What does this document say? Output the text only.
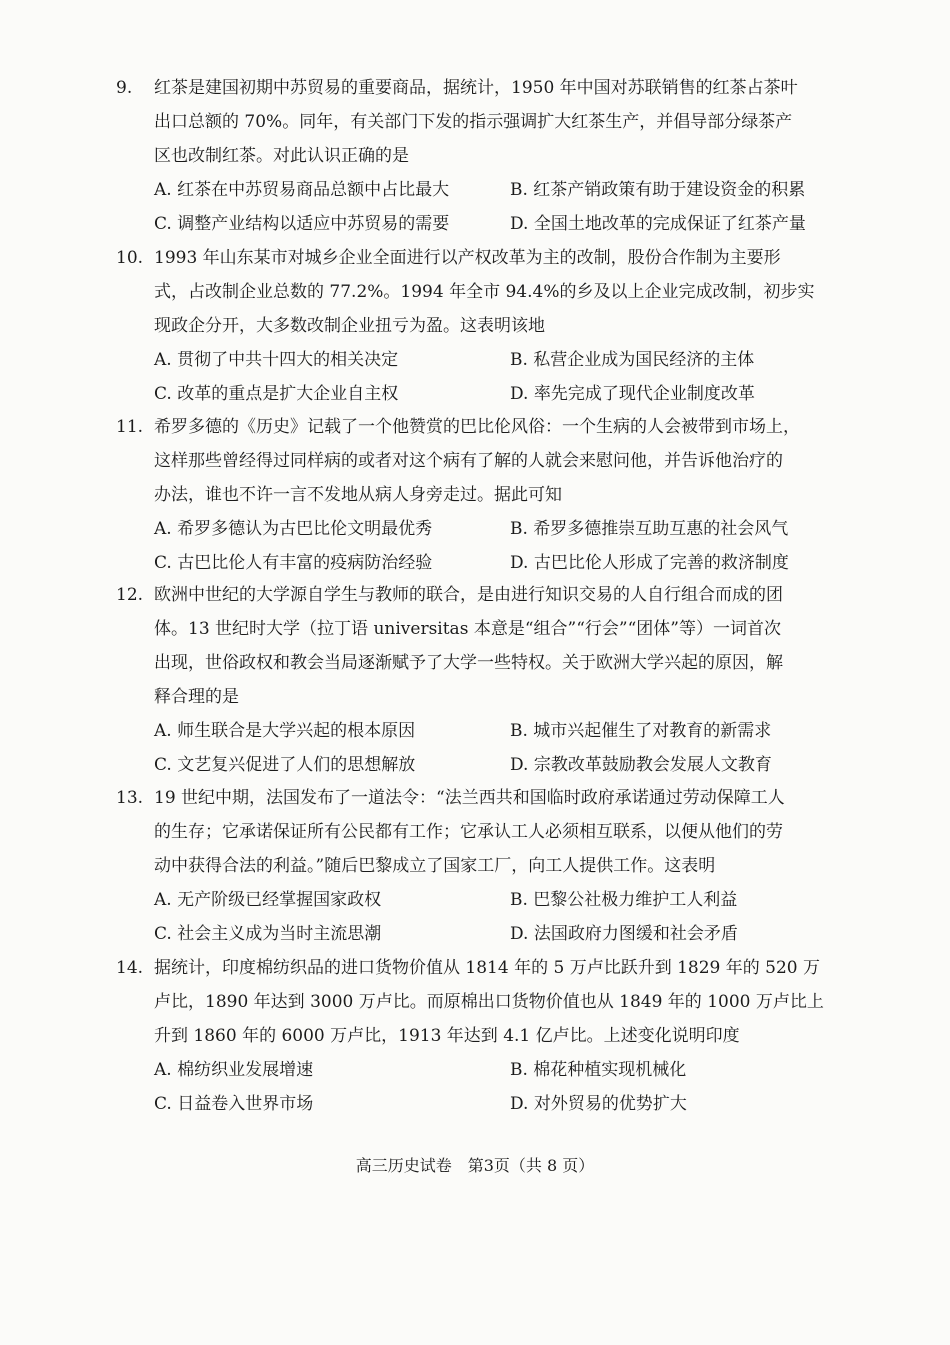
9. 红茶是建国初期中苏贸易的重要商品，据统计，1950 年中国对苏联销售的红茶占茶叶
出口总额的 70%。同年，有关部门下发的指示强调扩大红茶生产，并倡导部分绿茶产
区也改制红茶。对此认识正确的是
A. 红茶在中苏贸易商品总额中占比最大	B. 红茶产销政策有助于建设资金的积累
C. 调整产业结构以适应中苏贸易的需要	D. 全国土地改革的完成保证了红茶产量
10. 1993 年山东某市对城乡企业全面进行以产权改革为主的改制，股份合作制为主要形
式，占改制企业总数的 77.2%。1994 年全市 94.4%的乡及以上企业完成改制，初步实
现政企分开，大多数改制企业扭亏为盈。这表明该地
A. 贯彻了中共十四大的相关决定	B. 私营企业成为国民经济的主体
C. 改革的重点是扩大企业自主权	D. 率先完成了现代企业制度改革
11. 希罗多德的《历史》记载了一个他赞赏的巴比伦风俗：一个生病的人会被带到市场上，
这样那些曾经得过同样病的或者对这个病有了解的人就会来慰问他，并告诉他治疗的
办法，谁也不许一言不发地从病人身旁走过。据此可知
A. 希罗多德认为古巴比伦文明最优秀	B. 希罗多德推崇互助互惠的社会风气
C. 古巴比伦人有丰富的疫病防治经验	D. 古巴比伦人形成了完善的救济制度
12. 欧洲中世纪的大学源自学生与教师的联合，是由进行知识交易的人自行组合而成的团
体。13 世纪时大学（拉丁语 universitas 本意是“组合”“行会”“团体”等）一词首次
出现，世俗政权和教会当局逐渐赋予了大学一些特权。关于欧洲大学兴起的原因，解
释合理的是
A. 师生联合是大学兴起的根本原因	B. 城市兴起催生了对教育的新需求
C. 文艺复兴促进了人们的思想解放	D. 宗教改革鼓励教会发展人文教育
13. 19 世纪中期，法国发布了一道法令：“法兰西共和国临时政府承诺通过劳动保障工人
的生存；它承诺保证所有公民都有工作；它承认工人必须相互联系，以便从他们的劳
动中获得合法的利益。”随后巴黎成立了国家工厂，向工人提供工作。这表明
A. 无产阶级已经掌握国家政权	B. 巴黎公社极力维护工人利益
C. 社会主义成为当时主流思潮	D. 法国政府力图缓和社会矛盾
14. 据统计，印度棉纺织品的进口货物价值从 1814 年的 5 万卢比跃升到 1829 年的 520 万
卢比，1890 年达到 3000 万卢比。而原棉出口货物价值也从 1849 年的 1000 万卢比上
升到 1860 年的 6000 万卢比，1913 年达到 4.1 亿卢比。上述变化说明印度
A. 棉纺织业发展增速	B. 棉花种植实现机械化
C. 日益卷入世界市场	D. 对外贸易的优势扩大
高三历史试卷　第3页（共 8 页）
